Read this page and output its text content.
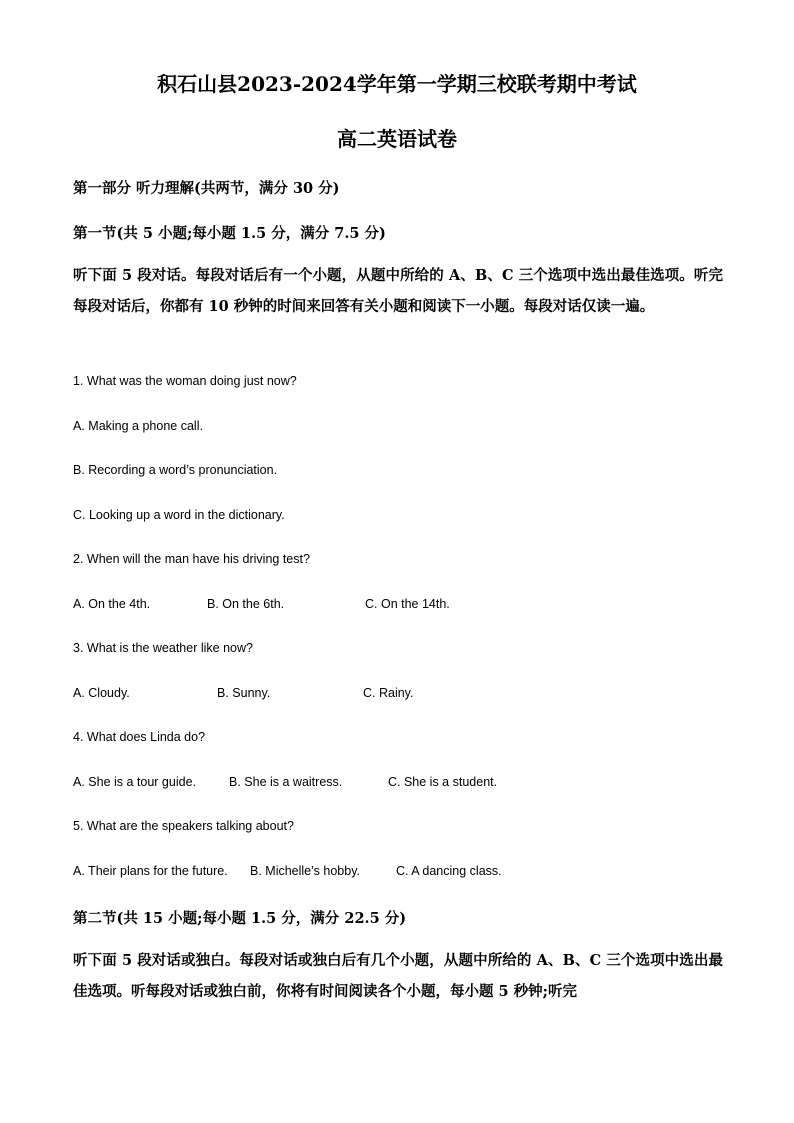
积石山县2023-2024学年第一学期三校联考期中考试
高二英语试卷
第一部分 听力理解(共两节，满分 30 分)
第一节(共 5 小题;每小题 1.5 分，满分 7.5 分)
听下面 5 段对话。每段对话后有一个小题，从题中所给的 A、B、C 三个选项中选出最佳选项。听完每段对话后，你都有 10 秒钟的时间来回答有关小题和阅读下一小题。每段对话仅读一遍。
1. What was the woman doing just now?
A. Making a phone call.
B. Recording a word’s pronunciation.
C. Looking up a word in the dictionary.
2. When will the man have his driving test?
A. On the 4th.	B. On the 6th.	C. On the 14th.
3. What is the weather like now?
A. Cloudy.	B. Sunny.	C. Rainy.
4. What does Linda do?
A. She is a tour guide.	B. She is a waitress.	C. She is a student.
5. What are the speakers talking about?
A. Their plans for the future. B. Michelle’s hobby.	C. A dancing class.
第二节(共 15 小题;每小题 1.5 分，满分 22.5 分)
听下面 5 段对话或独白。每段对话或独白后有几个小题，从题中所给的 A、B、C 三个选项中选出最佳选项。听每段对话或独白前，你将有时间阅读各个小题，每小题 5 秒钟;听完
